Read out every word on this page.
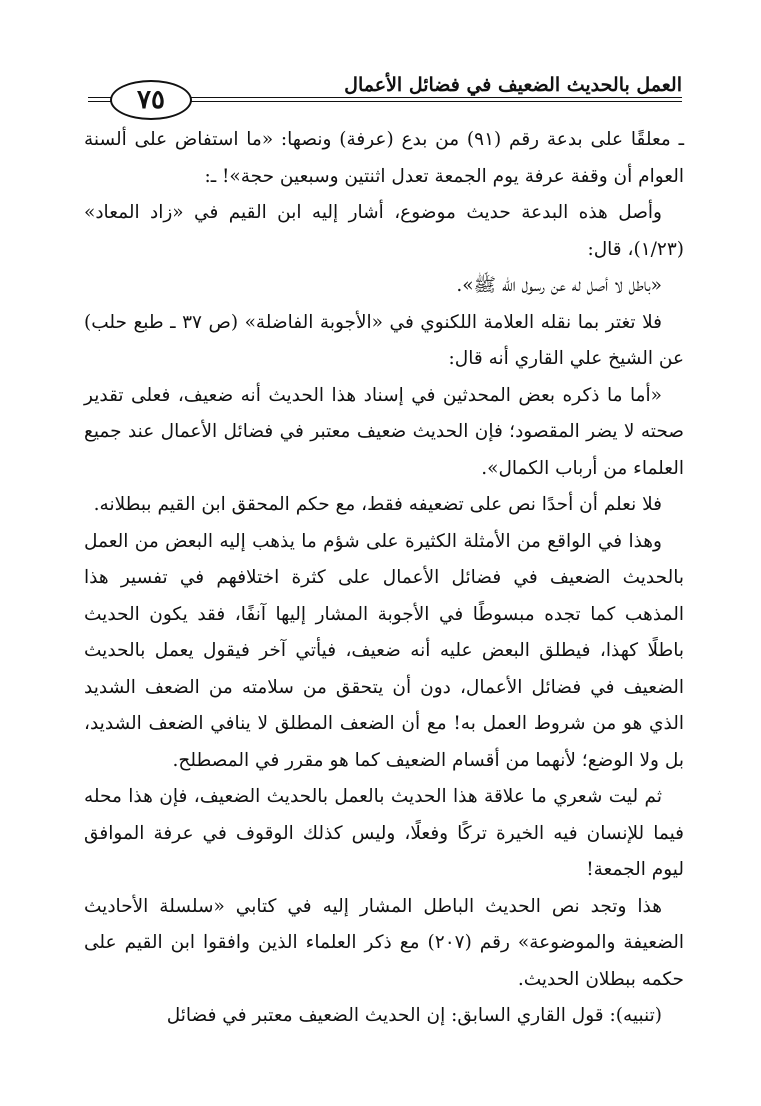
العمل بالحديث الضعيف في فضائل الأعمال
٧٥

ـ معلقًا على بدعة رقم (٩١) من بدع (عرفة) ونصها: «ما استفاض على ألسنة العوام أن وقفة عرفة يوم الجمعة تعدل اثنتين وسبعين حجة»! ـ:

وأصل هذه البدعة حديث موضوع، أشار إليه ابن القيم في «زاد المعاد» (١/٢٣)، قال:

«باطل لا أصل له عن رسول الله ﷺ».

فلا تغتر بما نقله العلامة اللكنوي في «الأجوبة الفاضلة» (ص ٣٧ ـ طبع حلب) عن الشيخ علي القاري أنه قال:

«أما ما ذكره بعض المحدثين في إسناد هذا الحديث أنه ضعيف، فعلى تقدير صحته لا يضر المقصود؛ فإن الحديث ضعيف معتبر في فضائل الأعمال عند جميع العلماء من أرباب الكمال».

فلا نعلم أن أحدًا نص على تضعيفه فقط، مع حكم المحقق ابن القيم ببطلانه.

وهذا في الواقع من الأمثلة الكثيرة على شؤم ما يذهب إليه البعض من العمل بالحديث الضعيف في فضائل الأعمال على كثرة اختلافهم في تفسير هذا المذهب كما تجده مبسوطًا في الأجوبة المشار إليها آنفًا، فقد يكون الحديث باطلًا كهذا، فيطلق البعض عليه أنه ضعيف، فيأتي آخر فيقول يعمل بالحديث الضعيف في فضائل الأعمال، دون أن يتحقق من سلامته من الضعف الشديد الذي هو من شروط العمل به! مع أن الضعف المطلق لا ينافي الضعف الشديد، بل ولا الوضع؛ لأنهما من أقسام الضعيف كما هو مقرر في المصطلح.

ثم ليت شعري ما علاقة هذا الحديث بالعمل بالحديث الضعيف، فإن هذا محله فيما للإنسان فيه الخيرة تركًا وفعلًا، وليس كذلك الوقوف في عرفة الموافق ليوم الجمعة!

هذا وتجد نص الحديث الباطل المشار إليه في كتابي «سلسلة الأحاديث الضعيفة والموضوعة» رقم (٢٠٧) مع ذكر العلماء الذين وافقوا ابن القيم على حكمه ببطلان الحديث.

(تنبيه): قول القاري السابق: إن الحديث الضعيف معتبر في فضائل
